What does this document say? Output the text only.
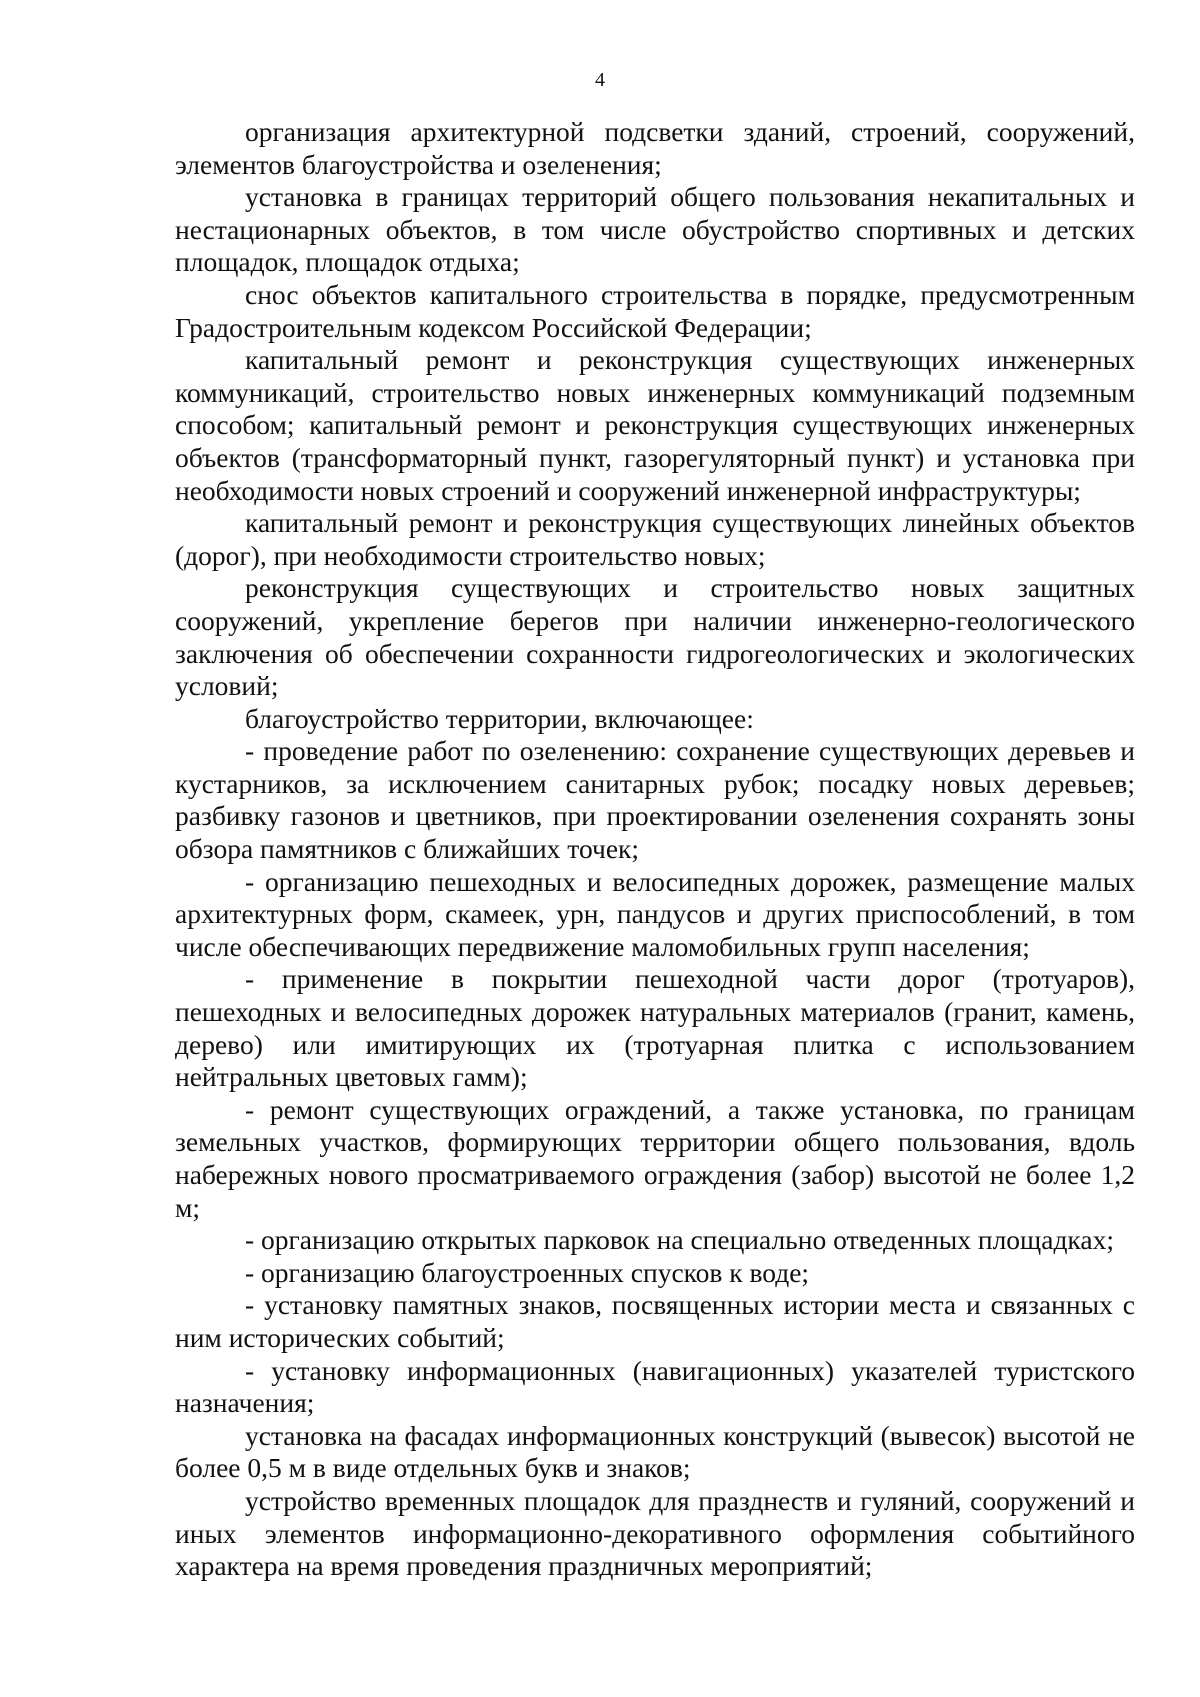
4

организация архитектурной подсветки зданий, строений, сооружений, элементов благоустройства и озеленения;

установка в границах территорий общего пользования некапитальных и нестационарных объектов, в том числе обустройство спортивных и детских площадок, площадок отдыха;

снос объектов капитального строительства в порядке, предусмотренным Градостроительным кодексом Российской Федерации;

капитальный ремонт и реконструкция существующих инженерных коммуникаций, строительство новых инженерных коммуникаций подземным способом; капитальный ремонт и реконструкция существующих инженерных объектов (трансформаторный пункт, газорегуляторный пункт) и установка при необходимости новых строений и сооружений инженерной инфраструктуры;

капитальный ремонт и реконструкция существующих линейных объектов (дорог), при необходимости строительство новых;

реконструкция существующих и строительство новых защитных сооружений, укрепление берегов при наличии инженерно-геологического заключения об обеспечении сохранности гидрогеологических и экологических условий;

благоустройство территории, включающее:

- проведение работ по озеленению: сохранение существующих деревьев и кустарников, за исключением санитарных рубок; посадку новых деревьев; разбивку газонов и цветников, при проектировании озеленения сохранять зоны обзора памятников с ближайших точек;

- организацию пешеходных и велосипедных дорожек, размещение малых архитектурных форм, скамеек, урн, пандусов и других приспособлений, в том числе обеспечивающих передвижение маломобильных групп населения;

- применение в покрытии пешеходной части дорог (тротуаров), пешеходных и велосипедных дорожек натуральных материалов (гранит, камень, дерево) или имитирующих их (тротуарная плитка с использованием нейтральных цветовых гамм);

- ремонт существующих ограждений, а также установка, по границам земельных участков, формирующих территории общего пользования, вдоль набережных нового просматриваемого ограждения (забор) высотой не более 1,2 м;

- организацию открытых парковок на специально отведенных площадках;

- организацию благоустроенных спусков к воде;

- установку памятных знаков, посвященных истории места и связанных с ним исторических событий;

- установку информационных (навигационных) указателей туристского назначения;

установка на фасадах информационных конструкций (вывесок) высотой не более 0,5 м в виде отдельных букв и знаков;

устройство временных площадок для празднеств и гуляний, сооружений и иных элементов информационно-декоративного оформления событийного характера на время проведения праздничных мероприятий;
